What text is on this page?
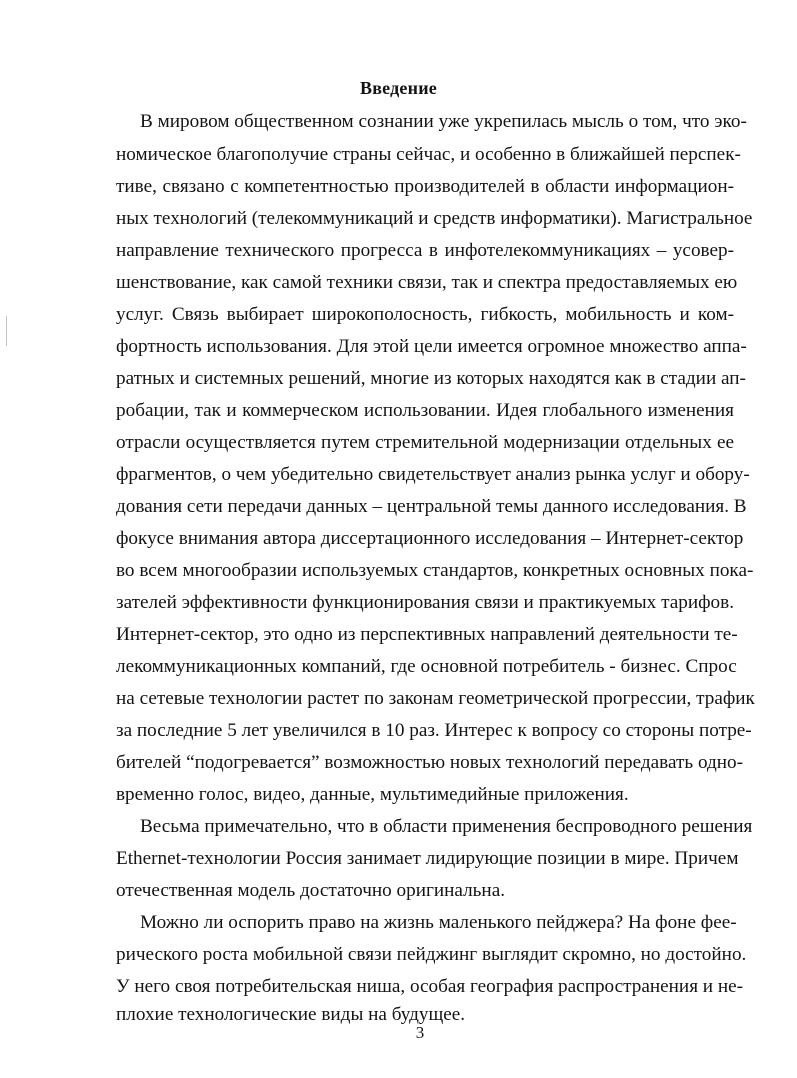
Введение
В мировом общественном сознании уже укрепилась мысль о том, что эко-
номическое благополучие страны сейчас, и особенно в ближайшей перспек-
тиве, связано с компетентностью производителей в области информацион-
ных технологий (телекоммуникаций и средств информатики). Магистральное
направление технического прогресса в инфотелекоммуникациях – усовер-
шенствование, как самой техники связи, так и спектра предоставляемых ею
услуг. Связь выбирает широкополосность, гибкость, мобильность и ком-
фортность использования. Для этой цели имеется огромное множество аппа-
ратных и системных решений, многие из которых находятся как в стадии ап-
робации, так и коммерческом использовании. Идея глобального изменения
отрасли осуществляется путем стремительной модернизации отдельных ее
фрагментов, о чем убедительно свидетельствует анализ рынка услуг и обору-
дования сети передачи данных – центральной темы данного исследования. В
фокусе внимания автора диссертационного исследования – Интернет-сектор
во всем многообразии используемых стандартов, конкретных основных пока-
зателей эффективности функционирования связи и практикуемых тарифов.
Интернет-сектор, это одно из перспективных направлений деятельности те-
лекоммуникационных компаний, где основной потребитель - бизнес. Спрос
на сетевые технологии растет по законам геометрической прогрессии, трафик
за последние 5 лет увеличился в 10 раз. Интерес к вопросу со стороны потре-
бителей “подогревается” возможностью новых технологий передавать одно-
временно голос, видео, данные, мультимедийные приложения.
Весьма примечательно, что в области применения беспроводного решения
Ethernet-технологии Россия занимает лидирующие позиции в мире. Причем
отечественная модель достаточно оригинальна.
Можно ли оспорить право на жизнь маленького пейджера? На фоне фее-
рического роста мобильной связи пейджинг выглядит скромно, но достойно.
У него своя потребительская ниша, особая география распространения и не-
плохие технологические виды на будущее.
3
